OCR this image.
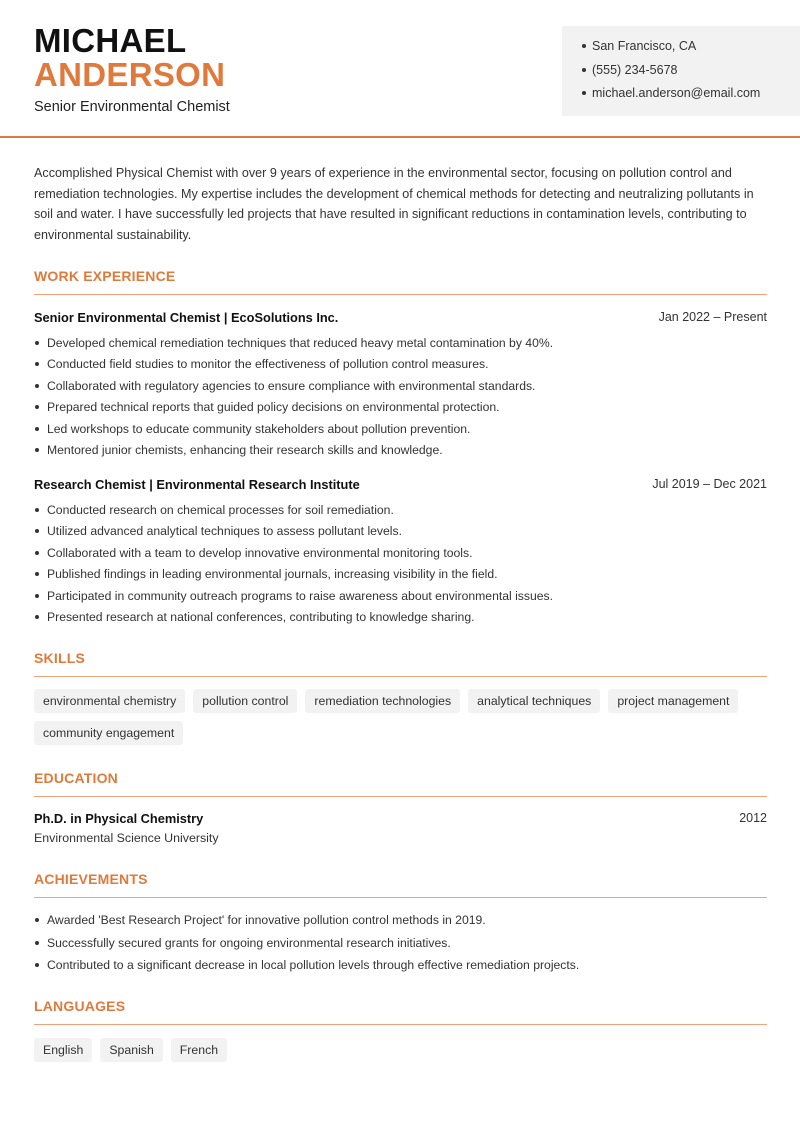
MICHAEL
ANDERSON
Senior Environmental Chemist
San Francisco, CA
(555) 234-5678
michael.anderson@email.com

Accomplished Physical Chemist with over 9 years of experience in the environmental sector, focusing on pollution control and remediation technologies. My expertise includes the development of chemical methods for detecting and neutralizing pollutants in soil and water. I have successfully led projects that have resulted in significant reductions in contamination levels, contributing to environmental sustainability.

WORK EXPERIENCE
Senior Environmental Chemist | EcoSolutions Inc.	Jan 2022 – Present
Developed chemical remediation techniques that reduced heavy metal contamination by 40%.
Conducted field studies to monitor the effectiveness of pollution control measures.
Collaborated with regulatory agencies to ensure compliance with environmental standards.
Prepared technical reports that guided policy decisions on environmental protection.
Led workshops to educate community stakeholders about pollution prevention.
Mentored junior chemists, enhancing their research skills and knowledge.
Research Chemist | Environmental Research Institute	Jul 2019 – Dec 2021
Conducted research on chemical processes for soil remediation.
Utilized advanced analytical techniques to assess pollutant levels.
Collaborated with a team to develop innovative environmental monitoring tools.
Published findings in leading environmental journals, increasing visibility in the field.
Participated in community outreach programs to raise awareness about environmental issues.
Presented research at national conferences, contributing to knowledge sharing.
SKILLS
environmental chemistry	pollution control	remediation technologies	analytical techniques	project management
community engagement
EDUCATION
Ph.D. in Physical Chemistry	2012
Environmental Science University
ACHIEVEMENTS
Awarded 'Best Research Project' for innovative pollution control methods in 2019.
Successfully secured grants for ongoing environmental research initiatives.
Contributed to a significant decrease in local pollution levels through effective remediation projects.
LANGUAGES
English	Spanish	French
